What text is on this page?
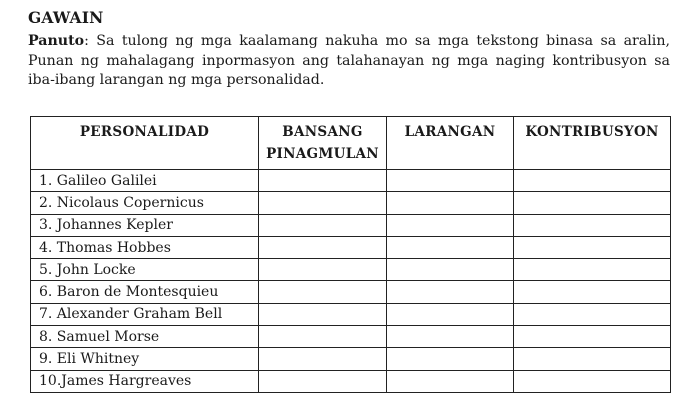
GAWAIN
Panuto: Sa tulong ng mga kaalamang nakuha mo sa mga tekstong binasa sa aralin, Punan ng mahalagang inpormasyon ang talahanayan ng mga naging kontribusyon sa iba-ibang larangan ng mga personalidad.
PERSONALIDAD	BANSANG PINAGMULAN	LARANGAN	KONTRIBUSYON
1. Galileo Galilei			
2. Nicolaus Copernicus			
3. Johannes Kepler			
4. Thomas Hobbes			
5. John Locke			
6. Baron de Montesquieu			
7. Alexander Graham Bell			
8. Samuel Morse			
9. Eli Whitney			
10.James Hargreaves			
